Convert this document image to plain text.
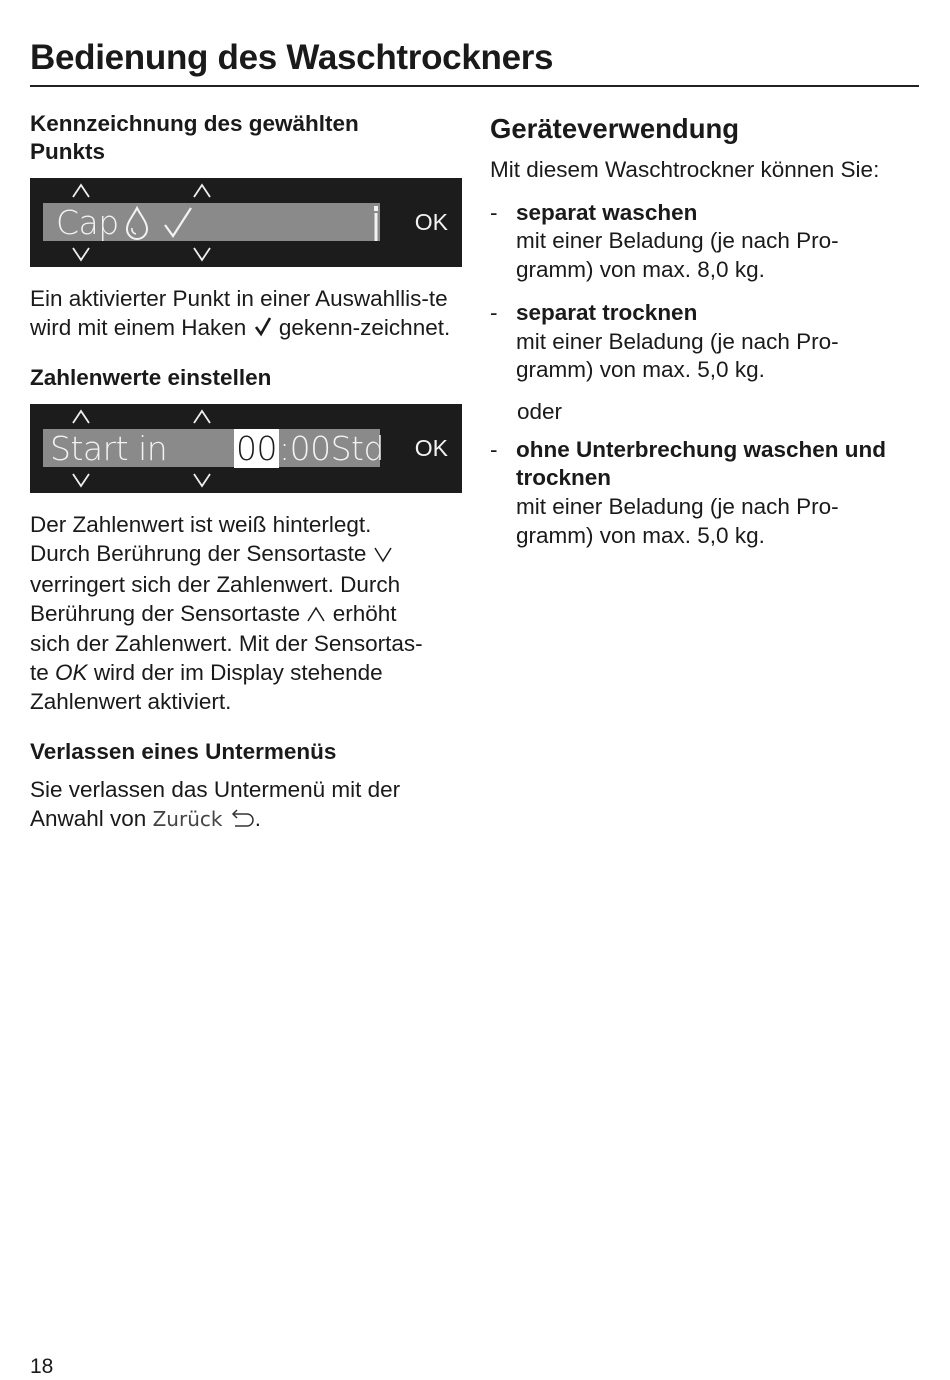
Bedienung des Waschtrockners
Kennzeichnung des gewählten Punkts
Cap	OK
Ein aktivierter Punkt in einer Auswahllis-te wird mit einem Haken gekenn-zeichnet.
Zahlenwerte einstellen
Start in 00:00Std OK
Der Zahlenwert ist weiß hinterlegt.
Durch Berührung der Sensortaste
verringert sich der Zahlenwert. Durch
Berührung der Sensortaste erhöht
sich der Zahlenwert. Mit der Sensortas-
te OK wird der im Display stehende
Zahlenwert aktiviert.
Verlassen eines Untermenüs
Sie verlassen das Untermenü mit der
Anwahl von Zurück .
Geräteverwendung
Mit diesem Waschtrockner können Sie:
- separat waschen
mit einer Beladung (je nach Pro-
gramm) von max. 8,0 kg.
- separat trocknen
mit einer Beladung (je nach Pro-
gramm) von max. 5,0 kg.
oder
- ohne Unterbrechung waschen und
trocknen
mit einer Beladung (je nach Pro-
gramm) von max. 5,0 kg.
18
